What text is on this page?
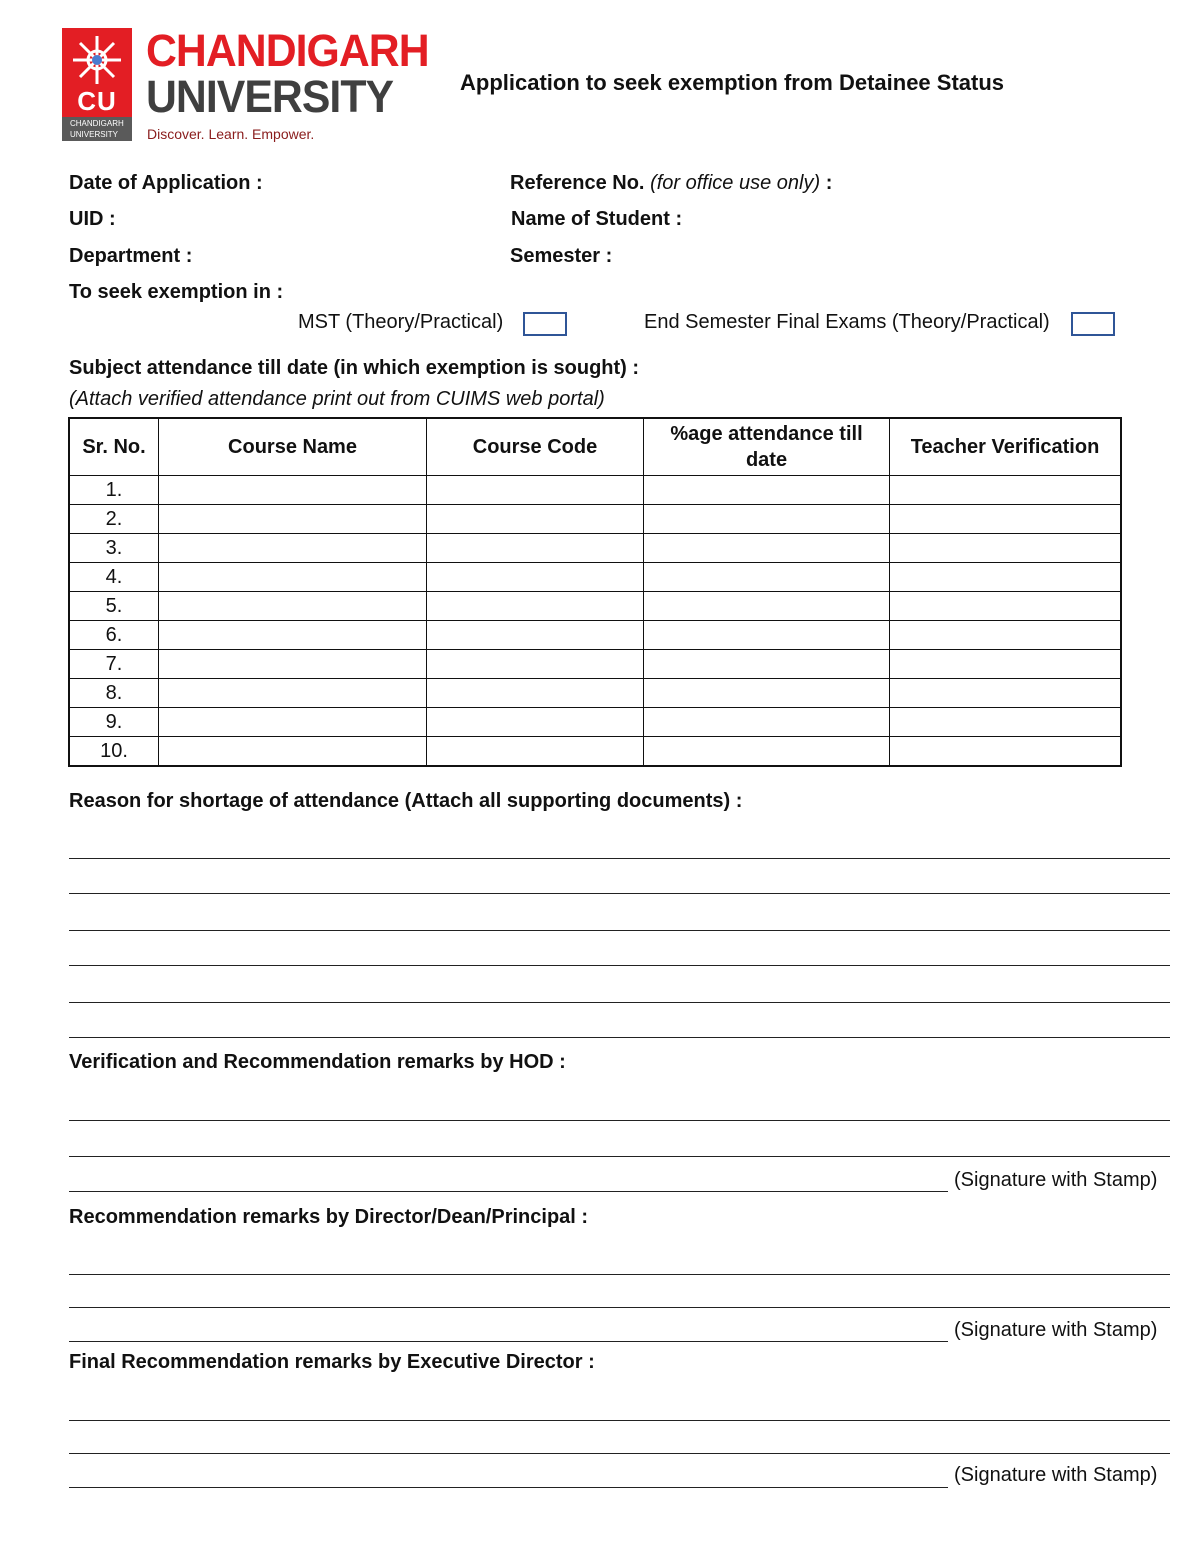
CU
CHANDIGARH UNIVERSITY
CHANDIGARH
UNIVERSITY
Discover. Learn. Empower.
Application to seek exemption from Detainee Status
Date of Application :	Reference No. (for office use only) :
UID :	Name of Student :
Department :	Semester :
To seek exemption in :
MST (Theory/Practical)	End Semester Final Exams (Theory/Practical)
Subject attendance till date (in which exemption is sought) :
(Attach verified attendance print out from CUIMS web portal)
Sr. No.	Course Name	Course Code	%age attendance till date	Teacher Verification
1.				
2.				
3.				
4.				
5.				
6.				
7.				
8.				
9.				
10.				
Reason for shortage of attendance (Attach all supporting documents) :
Verification and Recommendation remarks by HOD :
(Signature with Stamp)
Recommendation remarks by Director/Dean/Principal :
(Signature with Stamp)
Final Recommendation remarks by Executive Director :
(Signature with Stamp)
